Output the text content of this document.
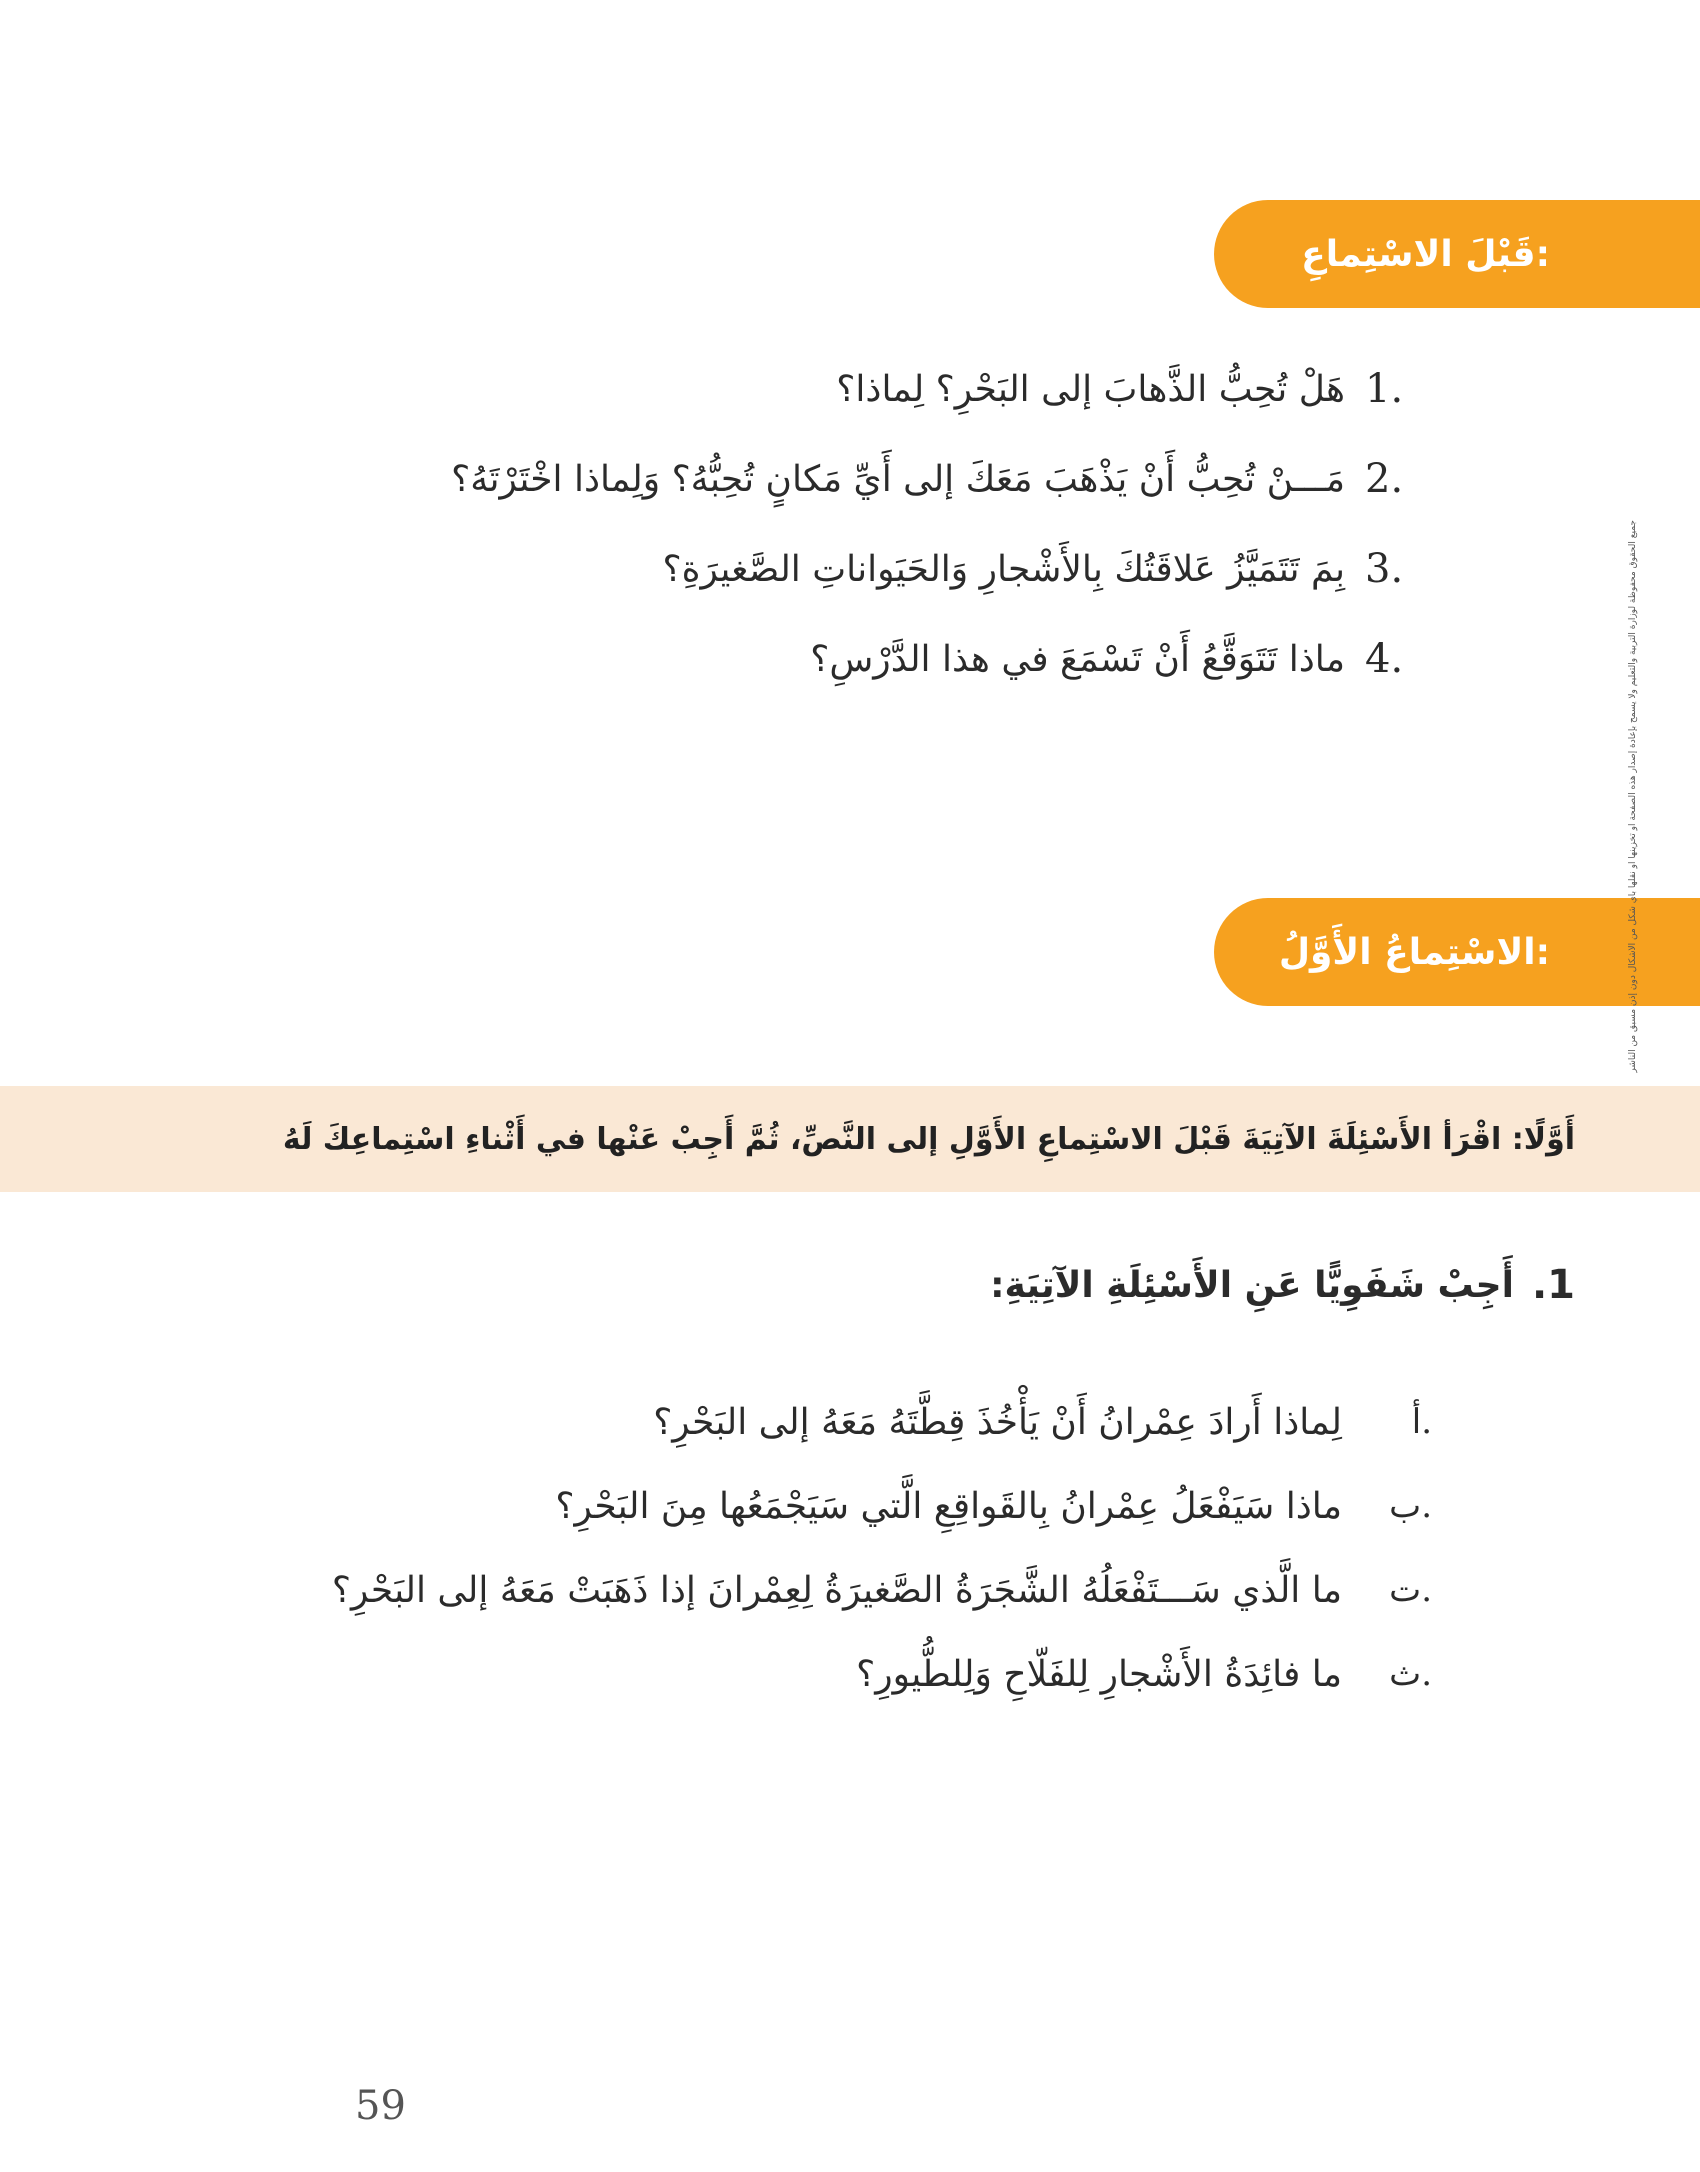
قَبْلَ الاسْتِماعِ:
1.
هَلْ تُحِبُّ الذَّهابَ إلى البَحْرِ؟ لِماذا؟
2.
مَـــنْ تُحِبُّ أَنْ يَذْهَبَ مَعَكَ إلى أَيِّ مَكانٍ تُحِبُّهُ؟ وَلِماذا اخْتَرْتَهُ؟
3.
بِمَ تَتَمَيَّزُ عَلاقَتُكَ بِالأَشْجارِ وَالحَيَواناتِ الصَّغيرَةِ؟
4.
ماذا تَتَوَقَّعُ أَنْ تَسْمَعَ في هذا الدَّرْسِ؟
الاسْتِماعُ الأَوَّلُ:
أَوَّلًا: اقْرَأ الأَسْئِلَةَ الآتِيَةَ قَبْلَ الاسْتِماعِ الأَوَّلِ إلى النَّصِّ، ثُمَّ أَجِبْ عَنْها في أَثْناءِ اسْتِماعِكَ لَهُ
1.
أَجِبْ شَفَوِيًّا عَنِ الأَسْئِلَةِ الآتِيَةِ:
أ.
لِماذا أَرادَ عِمْرانُ أَنْ يَأْخُذَ قِطَّتَهُ مَعَهُ إلى البَحْرِ؟
ب.
ماذا سَيَفْعَلُ عِمْرانُ بِالقَواقِعِ الَّتي سَيَجْمَعُها مِنَ البَحْرِ؟
ت.
ما الَّذي سَـــتَفْعَلُهُ الشَّجَرَةُ الصَّغيرَةُ لِعِمْرانَ إذا ذَهَبَتْ مَعَهُ إلى البَحْرِ؟
ث.
ما فائِدَةُ الأَشْجارِ لِلفَلّاحِ وَلِلطُّيورِ؟
جميع الحقوق محفوظة لوزارة التربية والتعليم ولا يسمح بإعادة إصدار هذه الصفحة أو تخزينها أو نقلها بأي شكل من الأشكال دون إذن مسبق من الناشر
59
